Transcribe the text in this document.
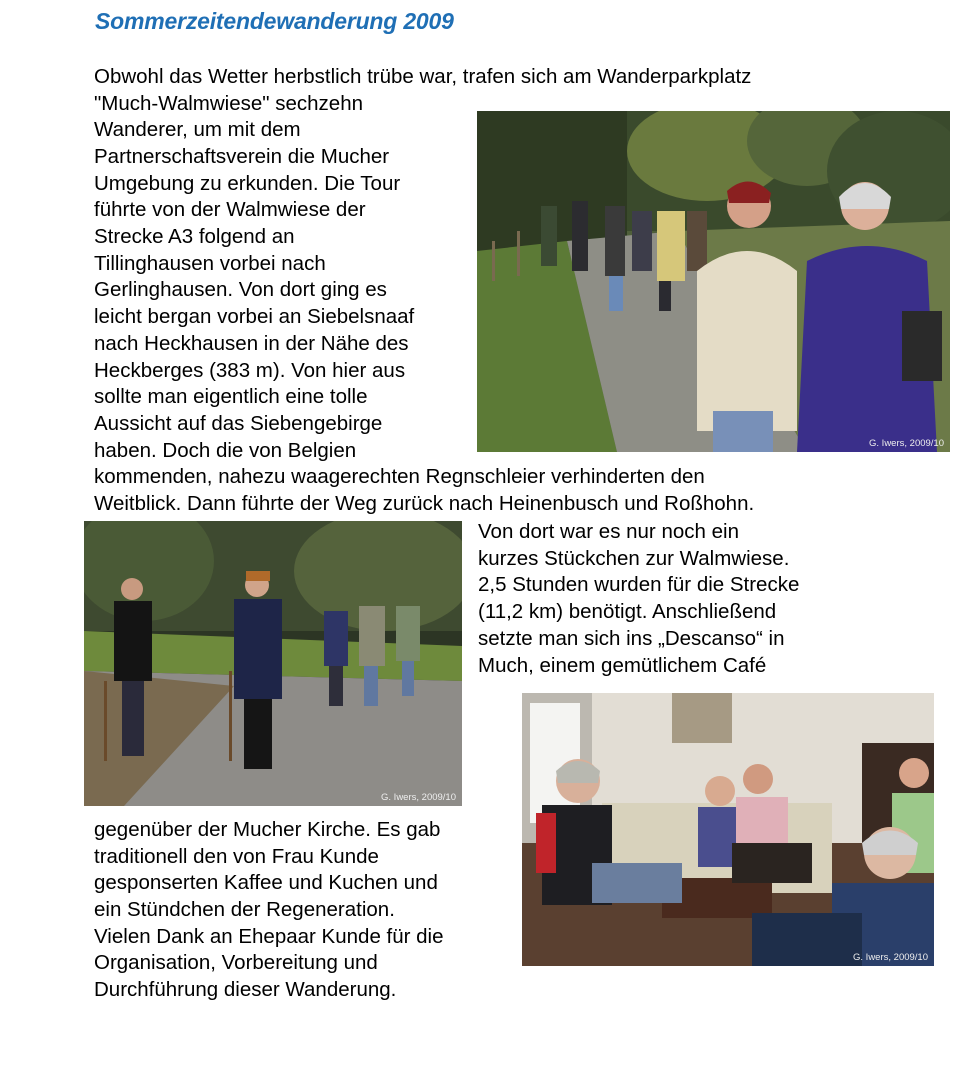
Sommerzeitendewanderung 2009
Obwohl das Wetter herbstlich trübe war, trafen sich am Wanderparkplatz
"Much-Walmwiese" sechzehn
Wanderer, um mit dem
Partnerschaftsverein die Mucher
Umgebung zu erkunden. Die Tour
führte von der Walmwiese der
Strecke A3 folgend an
Tillinghausen vorbei nach
Gerlinghausen. Von dort ging es
leicht bergan vorbei an Siebelsnaaf
nach Heckhausen in der Nähe des
Heckberges (383 m). Von hier aus
sollte man eigentlich eine tolle
Aussicht auf das Siebengebirge
haben. Doch die von Belgien
kommenden, nahezu waagerechten Regnschleier verhinderten den
Weitblick. Dann führte der Weg zurück nach Heinenbusch und Roßhohn.
Von dort war es nur noch ein
kurzes Stückchen zur Walmwiese.
2,5 Stunden wurden für die Strecke
(11,2 km) benötigt. Anschließend
setzte man sich ins „Descanso“ in
Much, einem gemütlichem Café
gegenüber der Mucher Kirche. Es gab
traditionell den von Frau Kunde
gesponserten Kaffee und Kuchen und
ein Stündchen der Regeneration.
Vielen Dank an Ehepaar Kunde für die
Organisation, Vorbereitung und
Durchführung dieser Wanderung.
G. Iwers, 2009/10
G. Iwers, 2009/10
G. Iwers, 2009/10
